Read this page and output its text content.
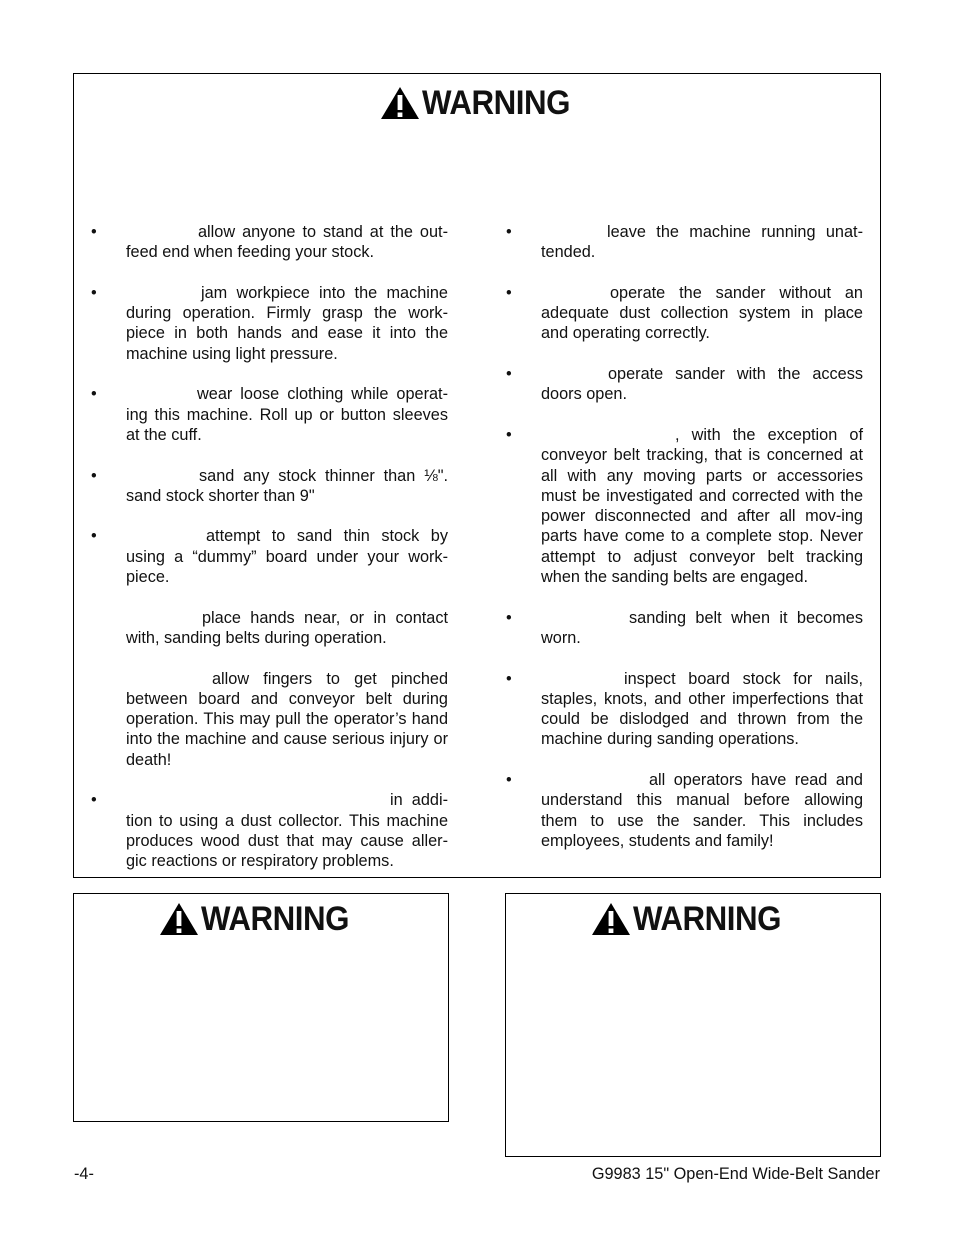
WARNING
• allow anyone to stand at the out-feed end when feeding your stock.
• jam workpiece into the machine during operation. Firmly grasp the work-piece in both hands and ease it into the machine using light pressure.
• wear loose clothing while operat-ing this machine. Roll up or button sleeves at the cuff.
• sand any stock thinner than ⅛". sand stock shorter than 9"
• attempt to sand thin stock by using a “dummy” board under your work-piece.
place hands near, or in contact with, sanding belts during operation.
allow fingers to get pinched between board and conveyor belt during operation. This may pull the operator’s hand into the machine and cause serious injury or death!
• in addi-tion to using a dust collector. This machine produces wood dust that may cause aller-gic reactions or respiratory problems.
• leave the machine running unat-tended.
• operate the sander without an adequate dust collection system in place and operating correctly.
• operate sander with the access doors open.
• , with the exception of conveyor belt tracking, that is concerned at all with any moving parts or accessories must be investigated and corrected with the power disconnected and after all mov-ing parts have come to a complete stop. Never attempt to adjust conveyor belt tracking when the sanding belts are engaged.
• sanding belt when it becomes worn.
• inspect board stock for nails, staples, knots, and other imperfections that could be dislodged and thrown from the machine during sanding operations.
• all operators have read and understand this manual before allowing them to use the sander. This includes employees, students and family!
WARNING	WARNING
-4-	G9983 15" Open-End Wide-Belt Sander
